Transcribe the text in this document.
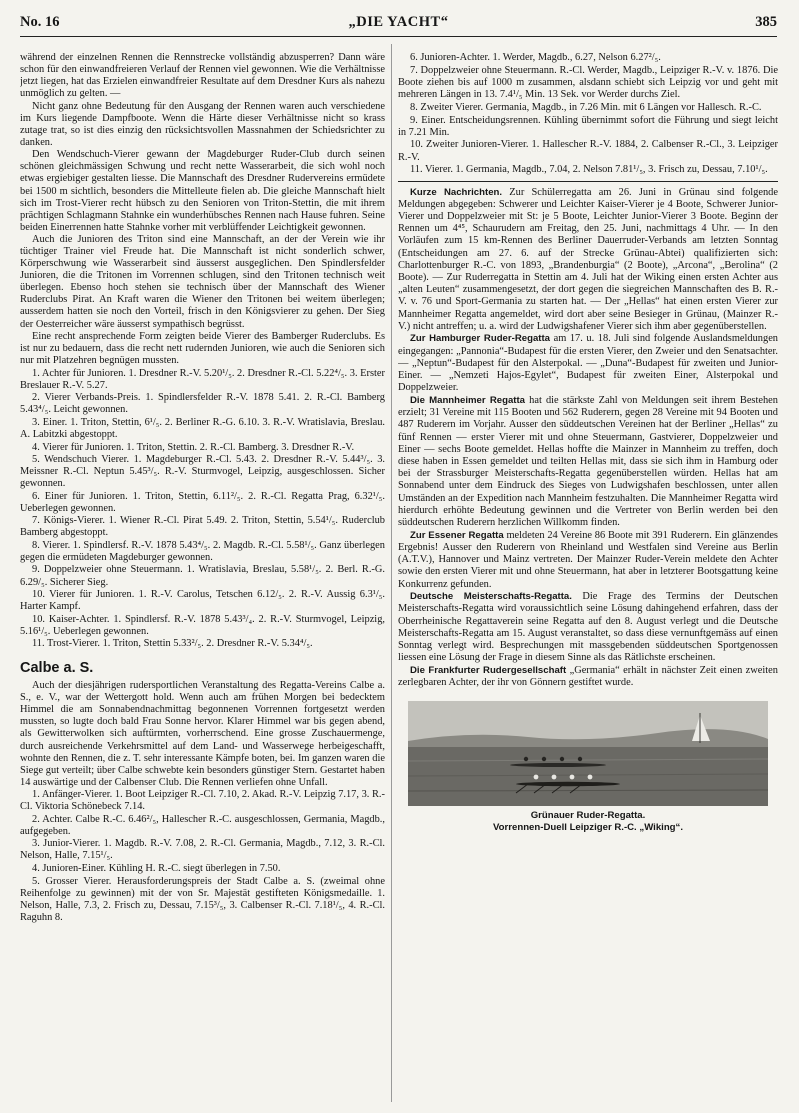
No. 16	„DIE YACHT“	385

während der einzelnen Rennen die Rennstrecke vollständig abzusperren? Dann wäre schon für den einwandfreieren Verlauf der Rennen viel gewonnen. Wie die Verhältnisse jetzt liegen, hat das Erzielen einwandfreier Resultate auf dem Dresdner Kurs als nahezu unmöglich zu gelten. —

Nicht ganz ohne Bedeutung für den Ausgang der Rennen waren auch verschiedene im Kurs liegende Dampfboote. Wenn die Härte dieser Verhältnisse nicht so krass zutage trat, so ist dies einzig den rücksichtsvollen Massnahmen der Schiedsrichter zu danken.

Den Wendschuch-Vierer gewann der Magdeburger Ruder-Club durch seinen schönen gleichmässigen Schwung und recht nette Wasserarbeit, die sich wohl noch etwas ergiebiger gestalten liesse. Die Mannschaft des Dresdner Rudervereins ermüdete bei 1500 m sichtlich, besonders die Mittelleute fielen ab. Die gleiche Mannschaft hielt sich im Trost-Vierer recht hübsch zu den Senioren von Triton-Stettin, die mit ihrem prächtigen Schlagmann Stahnke ein wunderhübsches Rennen nach Hause fuhren. Seine beiden Einerrennen hatte Stahnke vorher mit verblüffender Leichtigkeit gewonnen.

Auch die Junioren des Triton sind eine Mannschaft, an der der Verein wie ihr tüchtiger Trainer viel Freude hat. Die Mannschaft ist nicht sonderlich schwer, Körperschwung wie Wasserarbeit sind äusserst ausgeglichen. Den Spindlersfelder Junioren, die die Tritonen im Vorrennen schlugen, sind den Tritonen technisch weit überlegen. Ebenso hoch stehen sie technisch über der Mannschaft des Wiener Ruderclubs Pirat. An Kraft waren die Wiener den Tritonen bei weitem überlegen; ausserdem hatten sie noch den Vorteil, frisch in den Königsvierer zu gehen. Der Sieg der Oesterreicher wäre äusserst sympathisch begrüsst.

Eine recht ansprechende Form zeigten beide Vierer des Bamberger Ruderclubs. Es ist nur zu bedauern, dass die recht nett rudernden Junioren, wie auch die Senioren sich nur mit Platzehren begnügen mussten.

1. Achter für Junioren. 1. Dresdner R.-V. 5.20¹/₅. 2. Dresdner R.-Cl. 5.22⁴/₅. 3. Erster Breslauer R.-V. 5.27.

2. Vierer Verbands-Preis. 1. Spindlersfelder R.-V. 1878 5.41. 2. R.-Cl. Bamberg 5.43⁴/₅. Leicht gewonnen.

3. Einer. 1. Triton, Stettin, 6¹/₅. 2. Berliner R.-G. 6.10. 3. R.-V. Wratislavia, Breslau. A. Labitzki abgestoppt.

4. Vierer für Junioren. 1. Triton, Stettin. 2. R.-Cl. Bamberg. 3. Dresdner R.-V.

5. Wendschuch Vierer. 1. Magdeburger R.-Cl. 5.43. 2. Dresdner R.-V. 5.44³/₅. 3. Meissner R.-Cl. Neptun 5.45³/₅. R.-V. Sturmvogel, Leipzig, ausgeschlossen. Sicher gewonnen.

6. Einer für Junioren. 1. Triton, Stettin, 6.11²/₅. 2. R.-Cl. Regatta Prag, 6.32¹/₅. Ueberlegen gewonnen.

7. Königs-Vierer. 1. Wiener R.-Cl. Pirat 5.49. 2. Triton, Stettin, 5.54¹/₅. Ruderclub Bamberg abgestoppt.

8. Vierer. 1. Spindlersf. R.-V. 1878 5.43⁴/₅. 2. Magdb. R.-Cl. 5.58¹/₅. Ganz überlegen gegen die ermüdeten Magdeburger gewonnen.

9. Doppelzweier ohne Steuermann. 1. Wratislavia, Breslau, 5.58¹/₅. 2. Berl. R.-G. 6.29/₅. Sicherer Sieg.

10. Vierer für Junioren. 1. R.-V. Carolus, Tetschen 6.12/₅. 2. R.-V. Aussig 6.3¹/₅. Harter Kampf.

10. Kaiser-Achter. 1. Spindlersf. R.-V. 1878 5.43³/₄. 2. R.-V. Sturmvogel, Leipzig, 5.16¹/₅. Ueberlegen gewonnen.

11. Trost-Vierer. 1. Triton, Stettin 5.33²/₅. 2. Dresdner R.-V. 5.34⁴/₅.

Calbe a. S.

Auch der diesjährigen rudersportlichen Veranstaltung des Regatta-Vereins Calbe a. S., e. V., war der Wettergott hold. Wenn auch am frühen Morgen bei bedecktem Himmel die am Sonnabendnachmittag begonnenen Vorrennen fortgesetzt werden mussten, so lugte doch bald Frau Sonne hervor. Klarer Himmel war bis gegen abend, als Gewitterwolken sich auftürmten, vorherrschend. Eine grosse Zuschauermenge, durch ausreichende Verkehrsmittel auf dem Land- und Wasserwege herbeigeschafft, wohnte den Rennen, die z. T. sehr interessante Kämpfe boten, bei. Im ganzen waren die Siege gut verteilt; über Calbe schwebte kein besonders günstiger Stern. Gestartet haben 14 auswärtige und der Calbenser Club. Die Rennen verliefen ohne Unfall.

1. Anfänger-Vierer. 1. Boot Leipziger R.-Cl. 7.10, 2. Akad. R.-V. Leipzig 7.17, 3. R.-Cl. Viktoria Schönebeck 7.14.

2. Achter. Calbe R.-C. 6.46²/₅, Hallescher R.-C. ausgeschlossen, Germania, Magdb., aufgegeben.

3. Junior-Vierer. 1. Magdb. R.-V. 7.08, 2. R.-Cl. Germania, Magdb., 7.12, 3. R.-Cl. Nelson, Halle, 7.15¹/₅.

4. Junioren-Einer. Kühling H. R.-C. siegt überlegen in 7.50.

5. Grosser Vierer. Herausforderungspreis der Stadt Calbe a. S. (zweimal ohne Reihenfolge zu gewinnen) mit der von Sr. Majestät gestifteten Königsmedaille. 1. Nelson, Halle, 7.3, 2. Frisch zu, Dessau, 7.15³/₅, 3. Calbenser R.-Cl. 7.18¹/₅, 4. R.-Cl. Raguhn 8.

6. Junioren-Achter. 1. Werder, Magdb., 6.27, Nelson 6.27²/₅.

7. Doppelzweier ohne Steuermann. R.-Cl. Werder, Magdb., Leipziger R.-V. v. 1876. Die Boote ziehen bis auf 1000 m zusammen, alsdann schiebt sich Leipzig vor und geht mit mehreren Längen in 13. 7.4¹/₅ Min. 13 Sek. vor Werder durchs Ziel.

8. Zweiter Vierer. Germania, Magdb., in 7.26 Min. mit 6 Längen vor Hallesch. R.-C.

9. Einer. Entscheidungsrennen. Kühling übernimmt sofort die Führung und siegt leicht in 7.21 Min.

10. Zweiter Junioren-Vierer. 1. Hallescher R.-V. 1884, 2. Calbenser R.-Cl., 3. Leipziger R.-V.

11. Vierer. 1. Germania, Magdb., 7.04, 2. Nelson 7.81¹/₅, 3. Frisch zu, Dessau, 7.10¹/₅.

Kurze Nachrichten. Zur Schülerregatta am 26. Juni in Grünau sind folgende Meldungen abgegeben: Schwerer und Leichter Kaiser-Vierer je 4 Boote, Schwerer Junior-Vierer und Doppelzweier mit St: je 5 Boote, Leichter Junior-Vierer 3 Boote. Beginn der Rennen um 4⁴⁵, Schaurudern am Freitag, den 25. Juni, nachmittags 4 Uhr. — In den Vorläufen zum 15 km-Rennen des Berliner Dauerruder-Verbands am letzten Sonntag (Entscheidungen am 27. 6. auf der Strecke Grünau-Abtei) qualifizierten sich: Charlottenburger R.-C. von 1893, „Brandenburgia“ (2 Boote), „Arcona“, „Berolina“ (2 Boote). — Zur Ruderregatta in Stettin am 4. Juli hat der Wiking einen ersten Achter aus „alten Leuten“ zusammengesetzt, der dort gegen die siegreichen Mannschaften des B. R.-V. v. 76 und Sport-Germania zu starten hat. — Der „Hellas“ hat einen ersten Vierer zur Mannheimer Regatta angemeldet, wird dort aber seine Besieger in Grünau, (Mainzer R.-V.) nicht antreffen; u. a. wird der Ludwigshafener Vierer sich ihm aber gegenüberstellen.

Zur Hamburger Ruder-Regatta am 17. u. 18. Juli sind folgende Auslandsmeldungen eingegangen: „Pannonia“-Budapest für die ersten Vierer, den Zweier und den Senatsachter. — „Neptun“-Budapest für den Alsterpokal. — „Duna“-Budapest für zweiten und Junior-Einer. — „Nemzeti Hajos-Egylet“, Budapest für zweiten Einer, Alsterpokal und Doppelzweier.

Die Mannheimer Regatta hat die stärkste Zahl von Meldungen seit ihrem Bestehen erzielt; 31 Vereine mit 115 Booten und 562 Ruderern, gegen 28 Vereine mit 94 Booten und 487 Ruderern im Vorjahr. Ausser den süddeutschen Vereinen hat der Berliner „Hellas“ zu fünf Rennen — erster Vierer mit und ohne Steuermann, Gastvierer, Doppelzweier und Einer — sechs Boote gemeldet. Hellas hoffte die Mainzer in Mannheim zu treffen, doch diese haben in Essen gemeldet und teilten Hellas mit, dass sie sich ihm in Hamburg oder bei der Strassburger Meisterschafts-Regatta gegenüberstellen würden. Hellas hat am Sonnabend unter dem Eindruck des Sieges von Ludwigshafen beschlossen, unter allen Umständen an der Expedition nach Mannheim festzuhalten. Die Mannheimer Regatta wird hierdurch erhöhte Bedeutung gewinnen und die Vertreter von Berlin werden bei den süddeutschen Ruderern herzlichen Willkomm finden.

Zur Essener Regatta meldeten 24 Vereine 86 Boote mit 391 Ruderern. Ein glänzendes Ergebnis! Ausser den Ruderern von Rheinland und Westfalen sind Vereine aus Berlin (A.T.V.), Hannover und Mainz vertreten. Der Mainzer Ruder-Verein meldete den Achter sowie den ersten Vierer mit und ohne Steuermann, hat aber in letzterer Bootsgattung keine Konkurrenz gefunden.

Deutsche Meisterschafts-Regatta. Die Frage des Termins der Deutschen Meisterschafts-Regatta wird voraussichtlich seine Lösung dahingehend erfahren, dass der Oberrheinische Regattaverein seine Regatta auf den 8. August verlegt und die Deutsche Meisterschafts-Regatta am 15. August veranstaltet, so dass diese vernunftgemäss auf einen Sonntag verlegt wird. Besprechungen mit massgebenden süddeutschen Sportgenossen liessen eine Lösung der Frage in diesem Sinne als das Rätlichste erscheinen.

Die Frankfurter Rudergesellschaft „Germania“ erhält in nächster Zeit einen zweiten zerlegbaren Achter, der ihr von Gönnern gestiftet wurde.

Grünauer Ruder-Regatta.
Vorrennen-Duell Leipziger R.-C. „Wiking“.
